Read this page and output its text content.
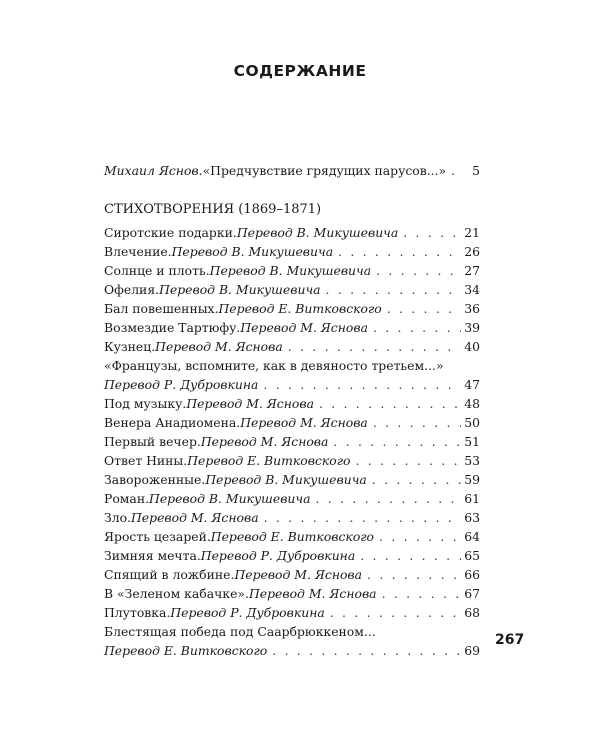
СОДЕРЖАНИЕ
Михаил Яснов . «Предчувствие грядущих парусов...» . . .	5
СТИХОТВОРЕНИЯ (1869–1871)
Сиротские подарки. Перевод В. Микушевича . . .	21
Влечение. Перевод В. Микушевича . . .	26
Солнце и плоть. Перевод В. Микушевича . . .	27
Офелия. Перевод В. Микушевича . . .	34
Бал повешенных. Перевод Е. Витковского . . .	36
Возмездие Тартюфу. Перевод М. Яснова . . .	39
Кузнец. Перевод М. Яснова . . .	40
«Французы, вспомните, как в девяносто третьем...»
Перевод Р. Дубровкина . . .	47
Под музыку. Перевод М. Яснова . . .	48
Венера Анадиомена. Перевод М. Яснова . . .	50
Первый вечер. Перевод М. Яснова . . .	51
Ответ Нины. Перевод Е. Витковского . . .	53
Завороженные. Перевод В. Микушевича . . .	59
Роман. Перевод В. Микушевича . . .	61
Зло. Перевод М. Яснова . . .	63
Ярость цезарей. Перевод Е. Витковского . . .	64
Зимняя мечта. Перевод Р. Дубровкина . . .	65
Спящий в ложбине. Перевод М. Яснова . . .	66
В «Зеленом кабачке». Перевод М. Яснова . . .	67
Плутовка. Перевод Р. Дубровкина . . .	68
Блестящая победа под Саарбрюккеном...
Перевод Е. Витковского . . .	69
267
